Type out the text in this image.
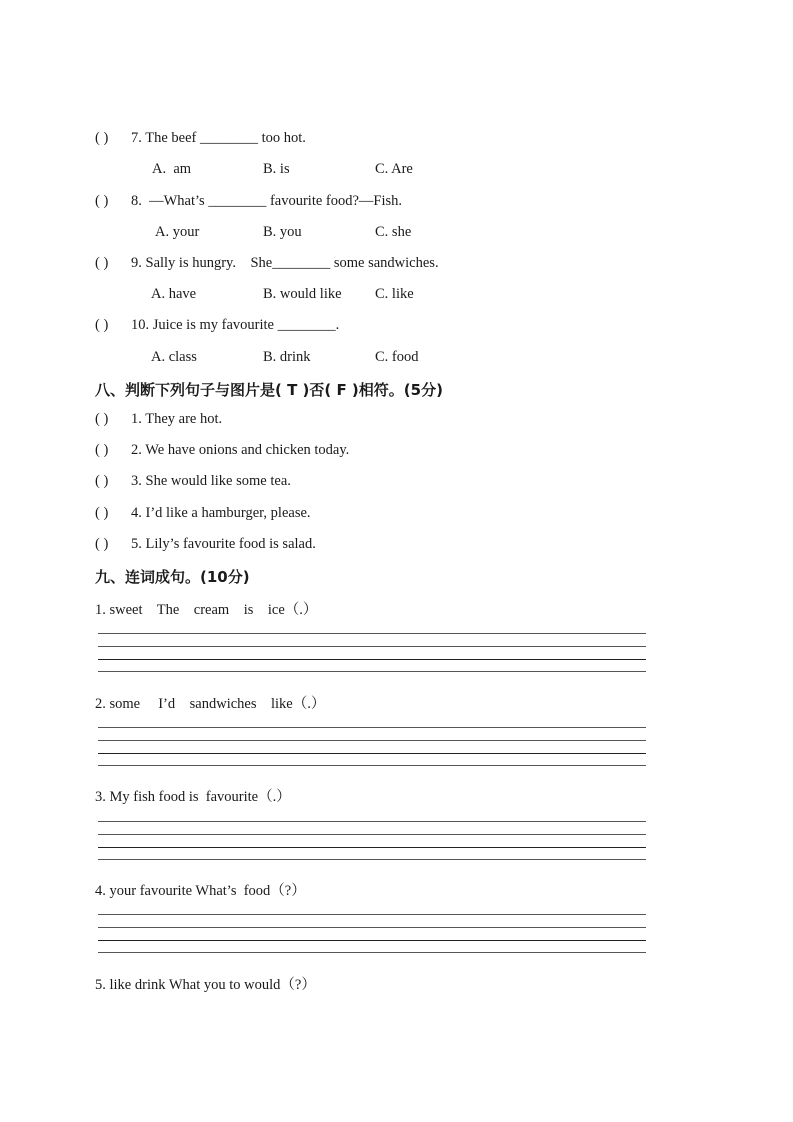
( ) 7. The beef ________ too hot.
A.  am	B. is	C. Are
( ) 8.  —What’s ________ favourite food?—Fish.
A. your	B. you	C. she
( ) 9. Sally is hungry.    She________ some sandwiches.
A. have	B. would like C. like
( ) 10. Juice is my favourite ________.
A. class	B. drink	C. food
八、判断下列句子与图片是( T )否( F )相符。(5分)
( ) 1. They are hot.
( ) 2. We have onions and chicken today.
( ) 3. She would like some tea.
( ) 4. I’d like a hamburger, please.
( ) 5. Lily’s favourite food is salad.
九、连词成句。(10分)
1. sweet    The    cream    is    ice（.）
2. some     I’d    sandwiches    like（.）
3. My fish food is  favourite（.）
4. your favourite What’s  food（?）
5. like drink What you to would（?）
